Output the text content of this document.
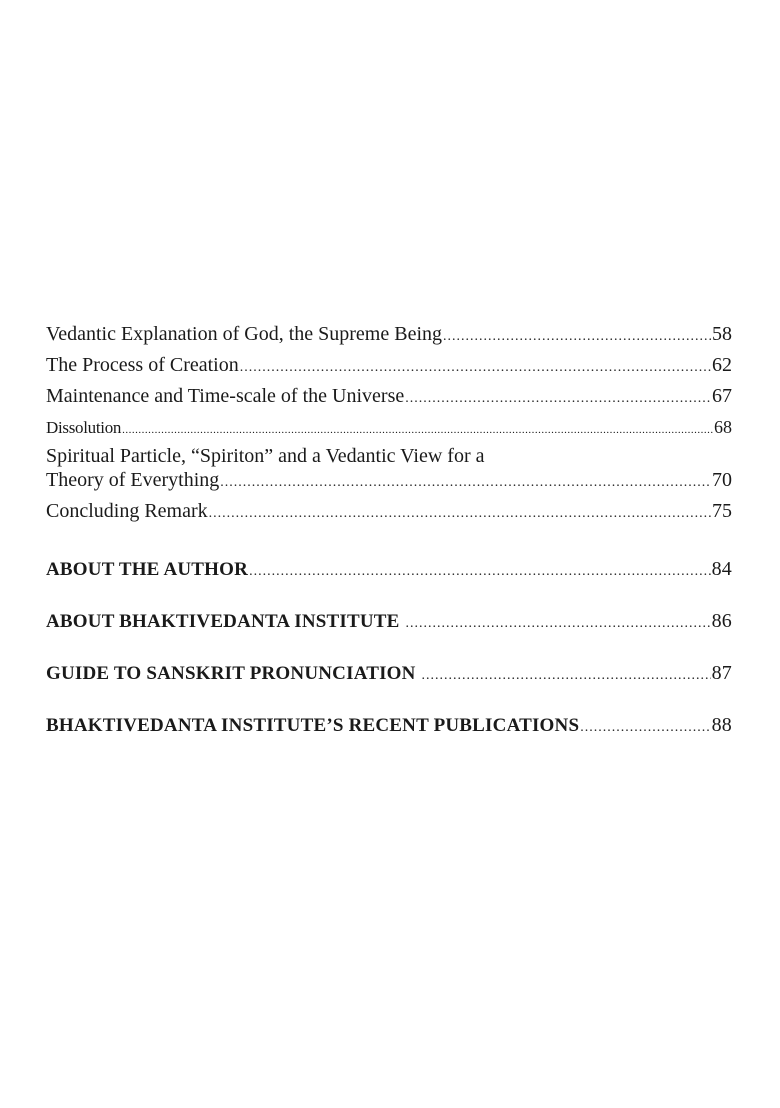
Vedantic Explanation of God, the Supreme Being .....	58
The Process of Creation .....	62
Maintenance and Time-scale of the Universe .....	67
Dissolution .....	68
Spiritual Particle, “Spiriton” and a Vedantic View for a
Theory of Everything .....	70
Concluding Remark .....	75
ABOUT THE AUTHOR .....	84
ABOUT BHAKTIVEDANTA INSTITUTE .....	86
GUIDE TO SANSKRIT PRONUNCIATION .....	87
BHAKTIVEDANTA INSTITUTE’S RECENT PUBLICATIONS .....	88
